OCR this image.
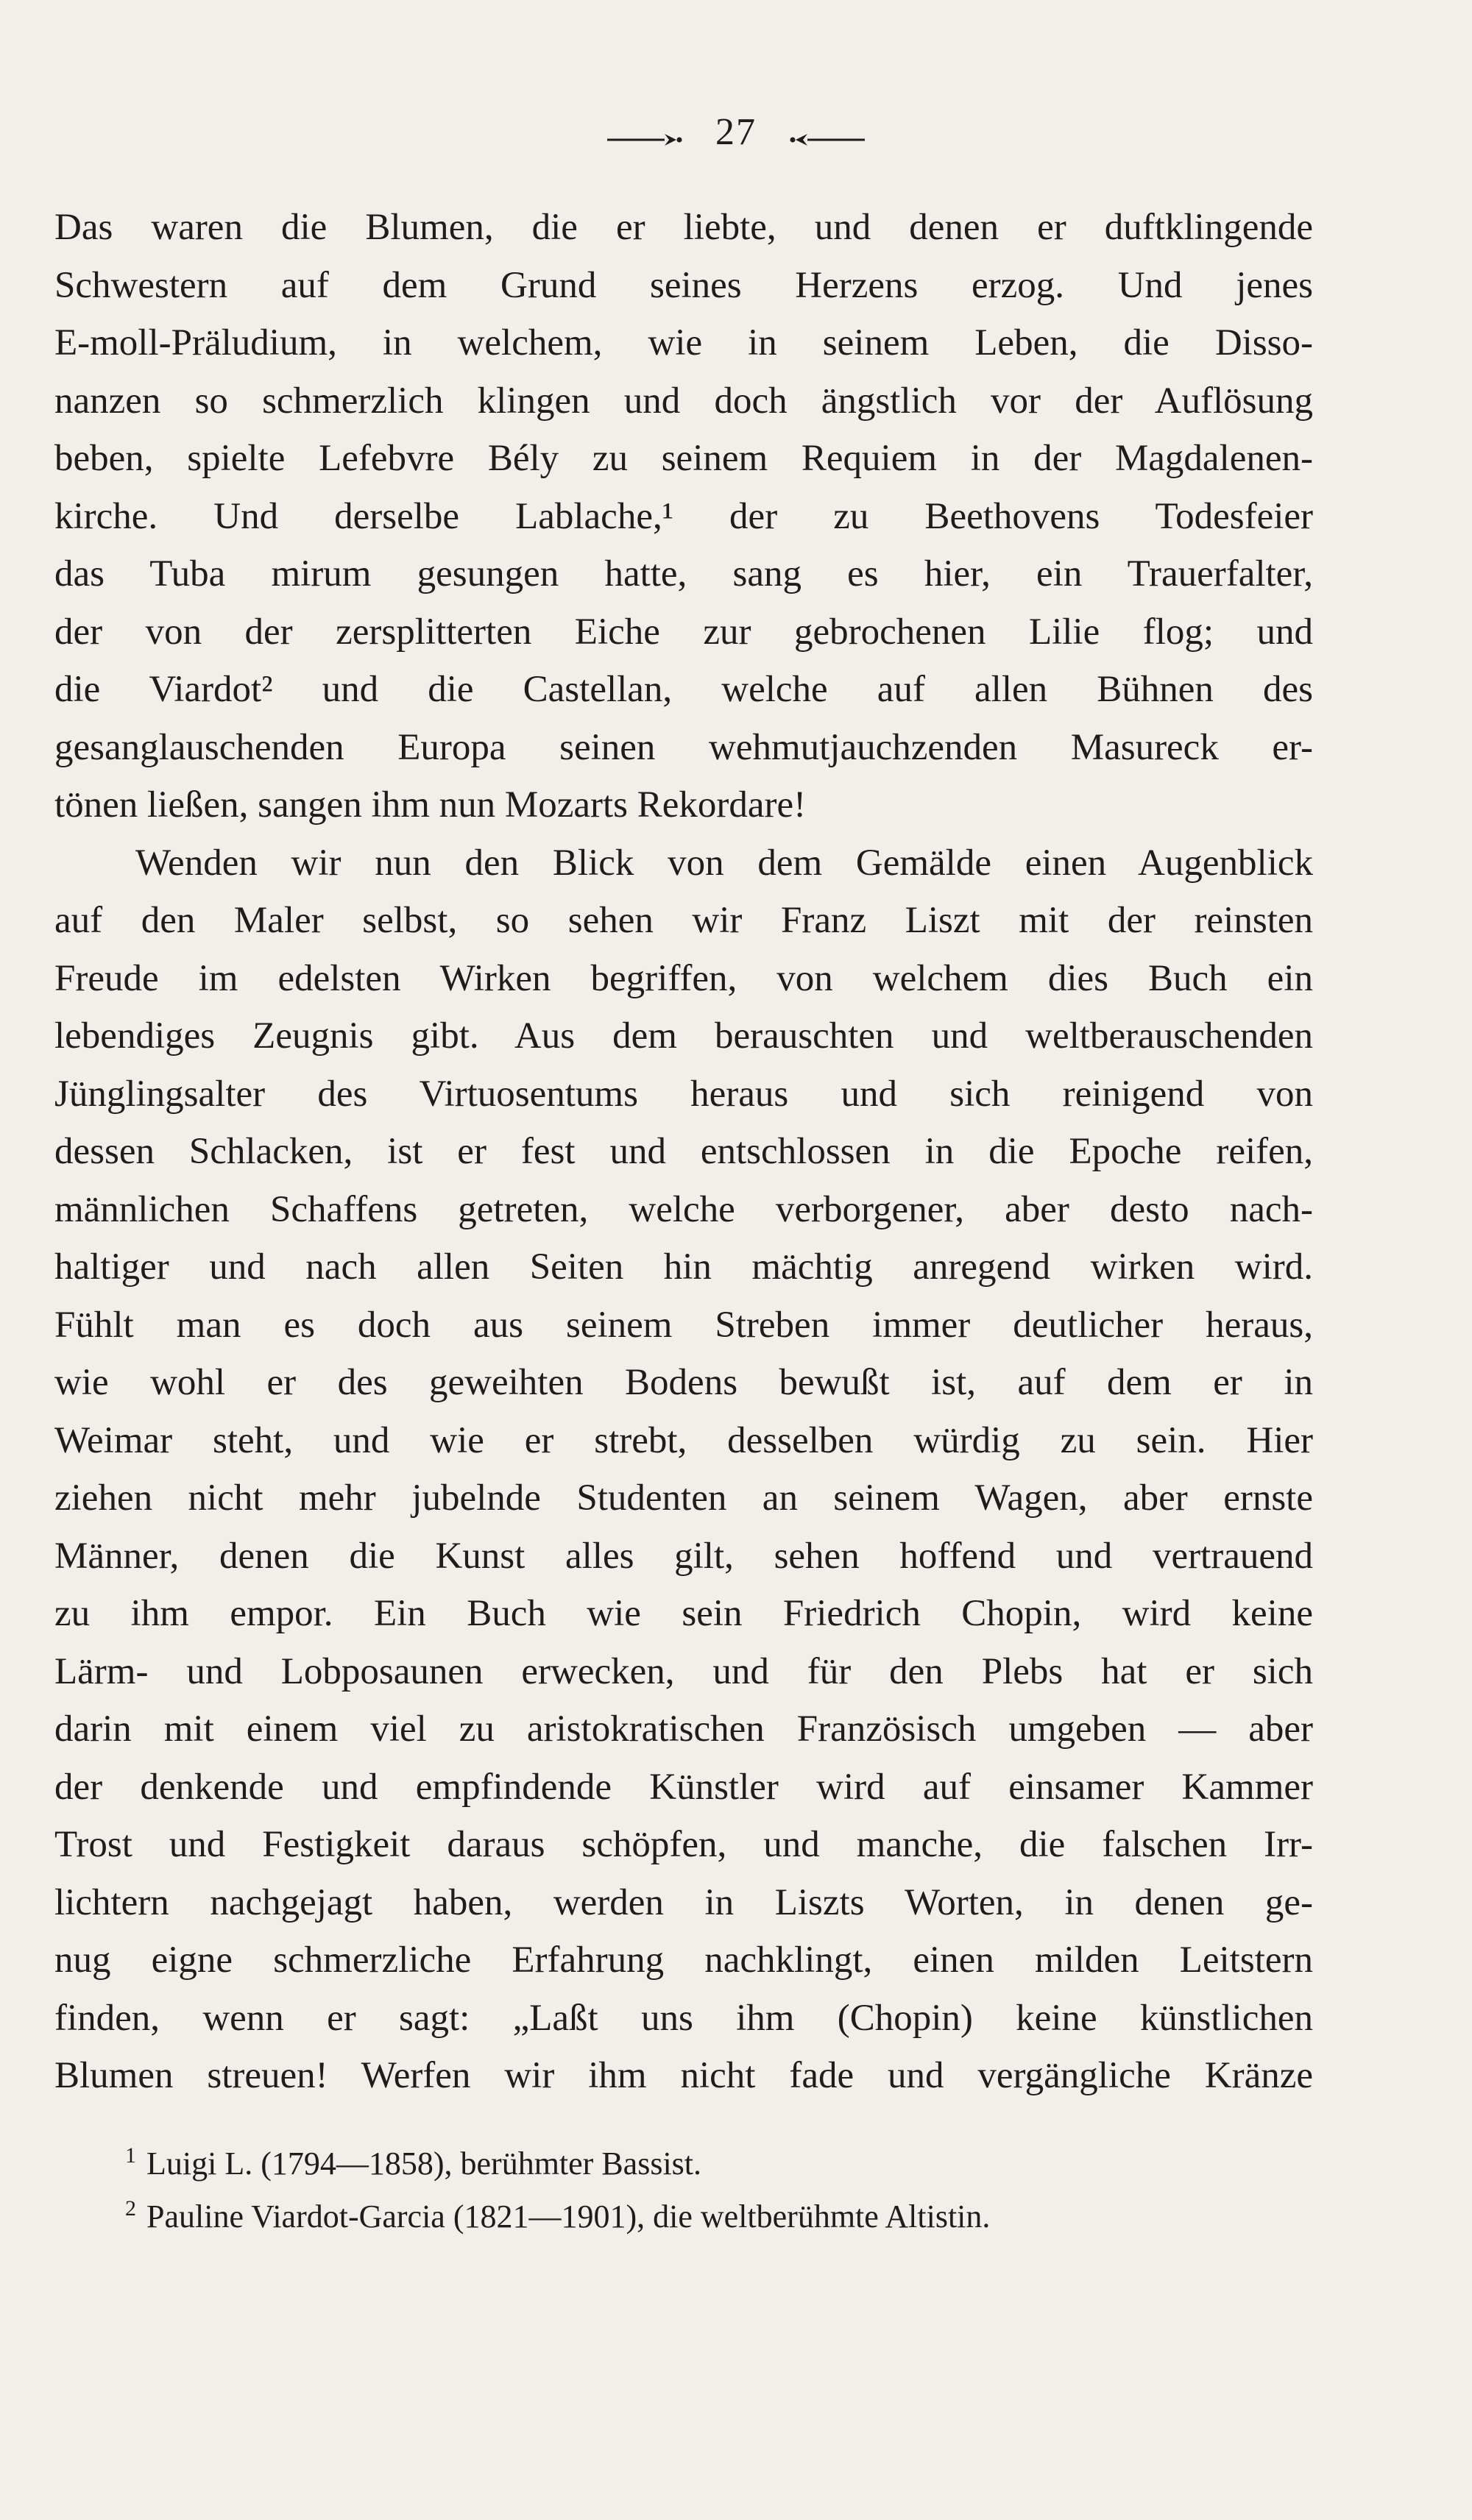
27
Das waren die Blumen, die er liebte, und denen er duftklingende
Schwestern auf dem Grund seines Herzens erzog. Und jenes
E-moll-Präludium, in welchem, wie in seinem Leben, die Disso-
nanzen so schmerzlich klingen und doch ängstlich vor der Auflösung
beben, spielte Lefebvre Bély zu seinem Requiem in der Magdalenen-
kirche. Und derselbe Lablache,¹ der zu Beethovens Todesfeier
das Tuba mirum gesungen hatte, sang es hier, ein Trauerfalter,
der von der zersplitterten Eiche zur gebrochenen Lilie flog; und
die Viardot² und die Castellan, welche auf allen Bühnen des
gesanglauschenden Europa seinen wehmutjauchzenden Masureck er-
tönen ließen, sangen ihm nun Mozarts Rekordare!
Wenden wir nun den Blick von dem Gemälde einen Augenblick
auf den Maler selbst, so sehen wir Franz Liszt mit der reinsten
Freude im edelsten Wirken begriffen, von welchem dies Buch ein
lebendiges Zeugnis gibt. Aus dem berauschten und weltberauschenden
Jünglingsalter des Virtuosentums heraus und sich reinigend von
dessen Schlacken, ist er fest und entschlossen in die Epoche reifen,
männlichen Schaffens getreten, welche verborgener, aber desto nach-
haltiger und nach allen Seiten hin mächtig anregend wirken wird.
Fühlt man es doch aus seinem Streben immer deutlicher heraus,
wie wohl er des geweihten Bodens bewußt ist, auf dem er in
Weimar steht, und wie er strebt, desselben würdig zu sein. Hier
ziehen nicht mehr jubelnde Studenten an seinem Wagen, aber ernste
Männer, denen die Kunst alles gilt, sehen hoffend und vertrauend
zu ihm empor. Ein Buch wie sein Friedrich Chopin, wird keine
Lärm- und Lobposaunen erwecken, und für den Plebs hat er sich
darin mit einem viel zu aristokratischen Französisch umgeben — aber
der denkende und empfindende Künstler wird auf einsamer Kammer
Trost und Festigkeit daraus schöpfen, und manche, die falschen Irr-
lichtern nachgejagt haben, werden in Liszts Worten, in denen ge-
nug eigne schmerzliche Erfahrung nachklingt, einen milden Leitstern
finden, wenn er sagt: „Laßt uns ihm (Chopin) keine künstlichen
Blumen streuen! Werfen wir ihm nicht fade und vergängliche Kränze
$^1$ Luigi L. (1794—1858), berühmter Bassist.
$^2$ Pauline Viardot-Garcia (1821—1901), die weltberühmte Altistin.
